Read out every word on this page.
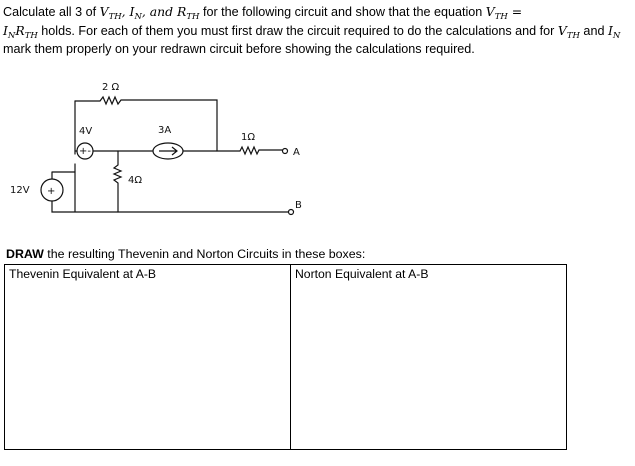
Calculate all 3 of $V_{TH}$, $I_N$, and $R_{TH}$ for the following circuit and show that the equation $V_{TH}$ =
$I_NR_{TH}$ holds. For each of them you must first draw the circuit required to do the calculations and for $V_{TH}$ and $I_N$ mark them properly on your redrawn circuit before showing the calculations required.

+-
+
2 Ω
4V	3A
1Ω
A
4Ω
12V
B

DRAW the resulting Thevenin and Norton Circuits in these boxes:

Thevenin Equivalent at A-B	Norton Equivalent at A-B
